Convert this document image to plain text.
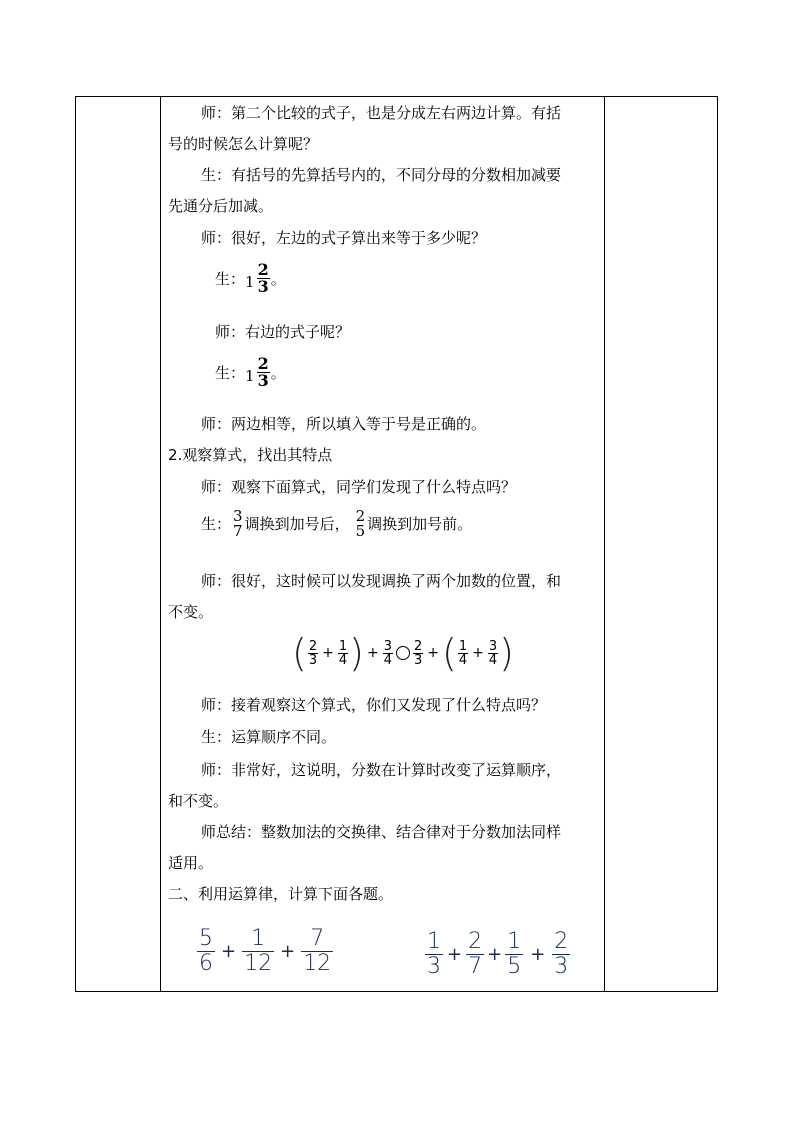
师：第二个比较的式子，也是分成左右两边计算。有括
号的时候怎么计算呢？
生：有括号的先算括号内的，不同分母的分数相加减要
先通分后加减。
师：很好，左边的式子算出来等于多少呢？
生： $1 \frac{2}{3}$ 。
师：右边的式子呢？
生： $1 \frac{2}{3}$ 。
师：两边相等，所以填入等于号是正确的。
2.观察算式，找出其特点
师：观察下面算式，同学们发现了什么特点吗？
生： 3
7 调换到加号后， 2
5 调换到加号前。
师：很好，这时候可以发现调换了两个加数的位置，和
不变。
( $\frac{2}{3} + \frac{1}{4}$ ) + $\frac{3}{4} \frac{2}{3}$ +( $\frac{1}{4} + \frac{3}{4}$ )
师：接着观察这个算式，你们又发现了什么特点吗？
生：运算顺序不同。
师：非常好，这说明，分数在计算时改变了运算顺序，
和不变。
师总结：整数加法的交换律、结合律对于分数加法同样
适用。
二、利用运算律，计算下面各题。
$\frac{5}{6} + \frac{1}{12} + \frac{7}{12}$	$\frac{1}{3} + \frac{2}{7} + \frac{1}{5} + \frac{2}{3}$
